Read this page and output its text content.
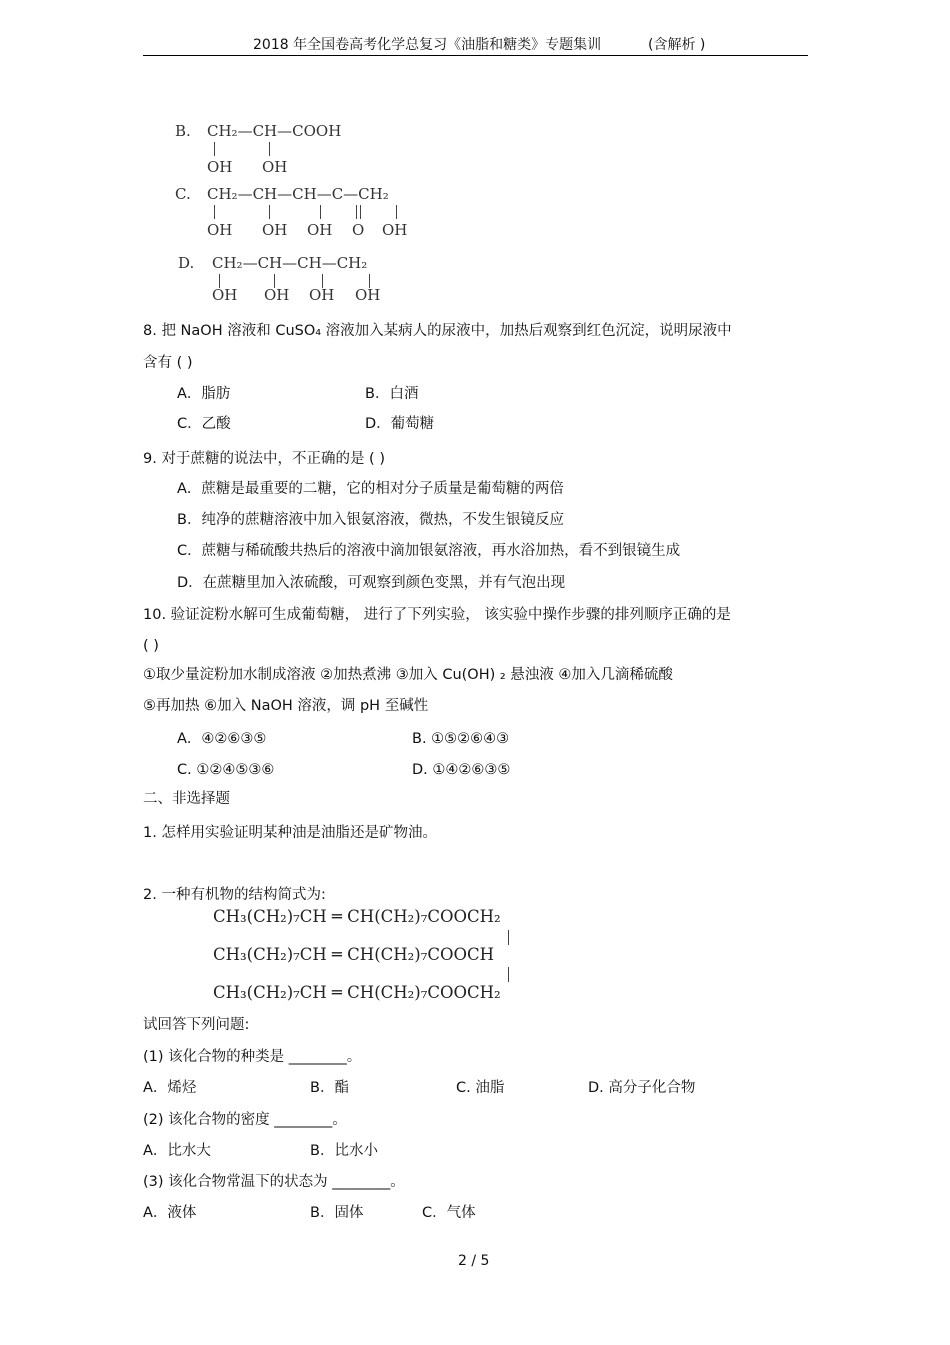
2018 年全国卷高考化学总复习《油脂和糖类》专题集训	(含解析 )
B. CH₂—CH—COOH
OH OH
C. CH₂—CH—CH—C—CH₂
OH OH OH O OH
D. CH₂—CH—CH—CH₂
OH OH OH OH
8. 把 NaOH 溶液和 CuSO₄ 溶液加入某病人的尿液中，加热后观察到红色沉淀，说明尿液中
含有 ( )
A．脂肪	B．白酒
C．乙酸	D．葡萄糖
9. 对于蔗糖的说法中，不正确的是 ( )
A．蔗糖是最重要的二糖，它的相对分子质量是葡萄糖的两倍
B．纯净的蔗糖溶液中加入银氨溶液，微热，不发生银镜反应
C．蔗糖与稀硫酸共热后的溶液中滴加银氨溶液，再水浴加热，看不到银镜生成
D．在蔗糖里加入浓硫酸，可观察到颜色变黑，并有气泡出现
10. 验证淀粉水解可生成葡萄糖， 进行了下列实验， 该实验中操作步骤的排列顺序正确的是
( )
①取少量淀粉加水制成溶液 ②加热煮沸 ③加入 Cu(OH) ₂ 悬浊液 ④加入几滴稀硫酸
⑤再加热 ⑥加入 NaOH 溶液，调 pH 至碱性
A．④②⑥③⑤	B. ①⑤②⑥④③
C. ①②④⑤③⑥	D. ①④②⑥③⑤
二、非选择题
1. 怎样用实验证明某种油是油脂还是矿物油。
2. 一种有机物的结构简式为:
CH₃(CH₂)₇CH ═ CH(CH₂)₇COOCH₂
CH₃(CH₂)₇CH ═ CH(CH₂)₇COOCH
CH₃(CH₂)₇CH ═ CH(CH₂)₇COOCH₂
试回答下列问题:
(1) 该化合物的种类是 ________。
A．烯烃	B．酯	C. 油脂	D. 高分子化合物
(2) 该化合物的密度 ________。
A．比水大	B．比水小
(3) 该化合物常温下的状态为 ________。
A．液体	B．固体	C．气体
2 / 5
